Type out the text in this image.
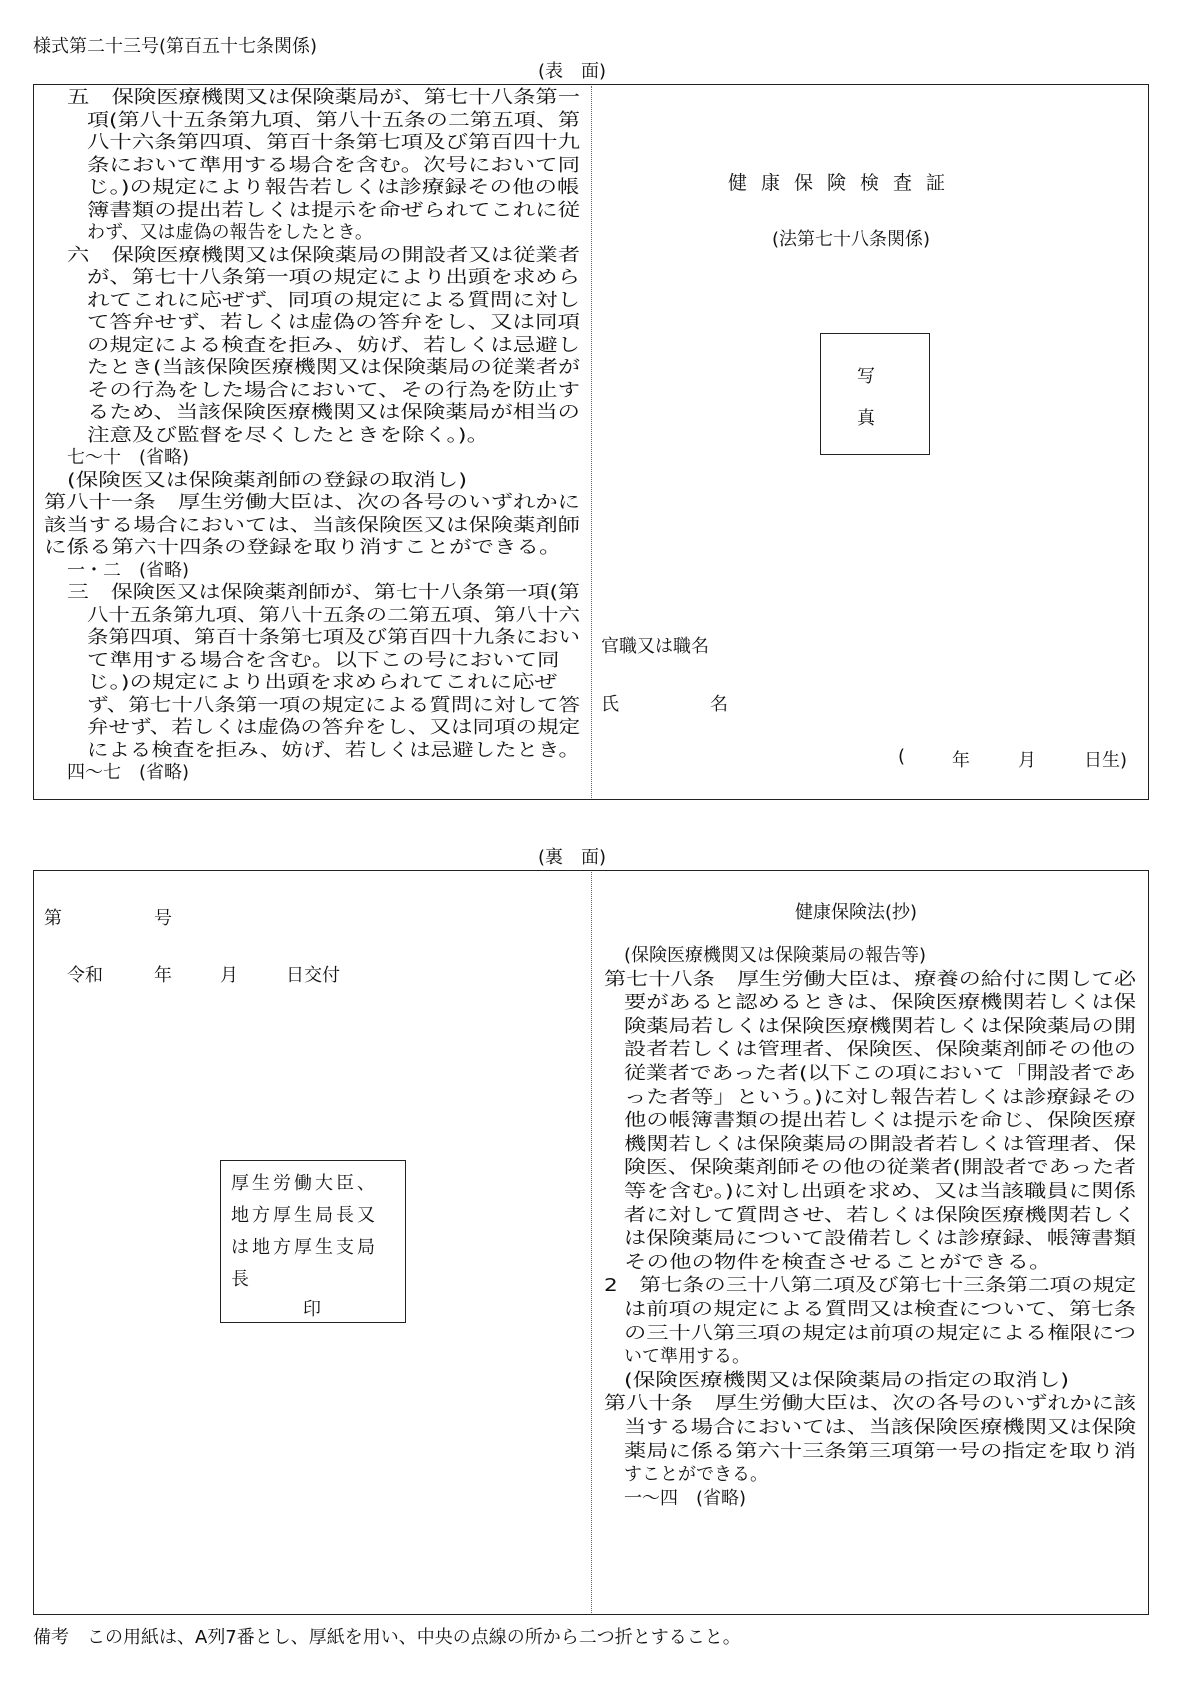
様式第二十三号(第百五十七条関係)
(表　面)
五　保険医療機関又は保険薬局が、第七十八条第一
項(第八十五条第九項、第八十五条の二第五項、第
八十六条第四項、第百十条第七項及び第百四十九
条において準用する場合を含む。次号において同
じ。)の規定により報告若しくは診療録その他の帳
簿書類の提出若しくは提示を命ぜられてこれに従
わず、又は虚偽の報告をしたとき。
六　保険医療機関又は保険薬局の開設者又は従業者
が、第七十八条第一項の規定により出頭を求めら
れてこれに応ぜず、同項の規定による質問に対し
て答弁せず、若しくは虚偽の答弁をし、又は同項
の規定による検査を拒み、妨げ、若しくは忌避し
たとき(当該保険医療機関又は保険薬局の従業者が
その行為をした場合において、その行為を防止す
るため、当該保険医療機関又は保険薬局が相当の
注意及び監督を尽くしたときを除く。)。
七～十　(省略)
(保険医又は保険薬剤師の登録の取消し)
第八十一条　厚生労働大臣は、次の各号のいずれかに
該当する場合においては、当該保険医又は保険薬剤師
に係る第六十四条の登録を取り消すことができる。
一・二　(省略)
三　保険医又は保険薬剤師が、第七十八条第一項(第
八十五条第九項、第八十五条の二第五項、第八十六
条第四項、第百十条第七項及び第百四十九条におい
て準用する場合を含む。以下この号において同
じ。)の規定により出頭を求められてこれに応ぜ
ず、第七十八条第一項の規定による質問に対して答
弁せず、若しくは虚偽の答弁をし、又は同項の規定
による検査を拒み、妨げ、若しくは忌避したとき。
四～七　(省略)
健康保険検査証
(法第七十八条関係)
写
真
官職又は職名
氏	名
(	年	月	日生)
(裏　面)
第	号
令和	年	月	日交付
厚生労働大臣、
地方厚生局長又
は地方厚生支局
長
印
健康保険法(抄)
(保険医療機関又は保険薬局の報告等)
第七十八条　厚生労働大臣は、療養の給付に関して必
要があると認めるときは、保険医療機関若しくは保
険薬局若しくは保険医療機関若しくは保険薬局の開
設者若しくは管理者、保険医、保険薬剤師その他の
従業者であった者(以下この項において「開設者であ
った者等」という。)に対し報告若しくは診療録その
他の帳簿書類の提出若しくは提示を命じ、保険医療
機関若しくは保険薬局の開設者若しくは管理者、保
険医、保険薬剤師その他の従業者(開設者であった者
等を含む。)に対し出頭を求め、又は当該職員に関係
者に対して質問させ、若しくは保険医療機関若しく
は保険薬局について設備若しくは診療録、帳簿書類
その他の物件を検査させることができる。
2　第七条の三十八第二項及び第七十三条第二項の規定
は前項の規定による質問又は検査について、第七条
の三十八第三項の規定は前項の規定による権限につ
いて準用する。
(保険医療機関又は保険薬局の指定の取消し)
第八十条　厚生労働大臣は、次の各号のいずれかに該
当する場合においては、当該保険医療機関又は保険
薬局に係る第六十三条第三項第一号の指定を取り消
すことができる。
一～四　(省略)
備考　この用紙は、A列7番とし、厚紙を用い、中央の点線の所から二つ折とすること。
